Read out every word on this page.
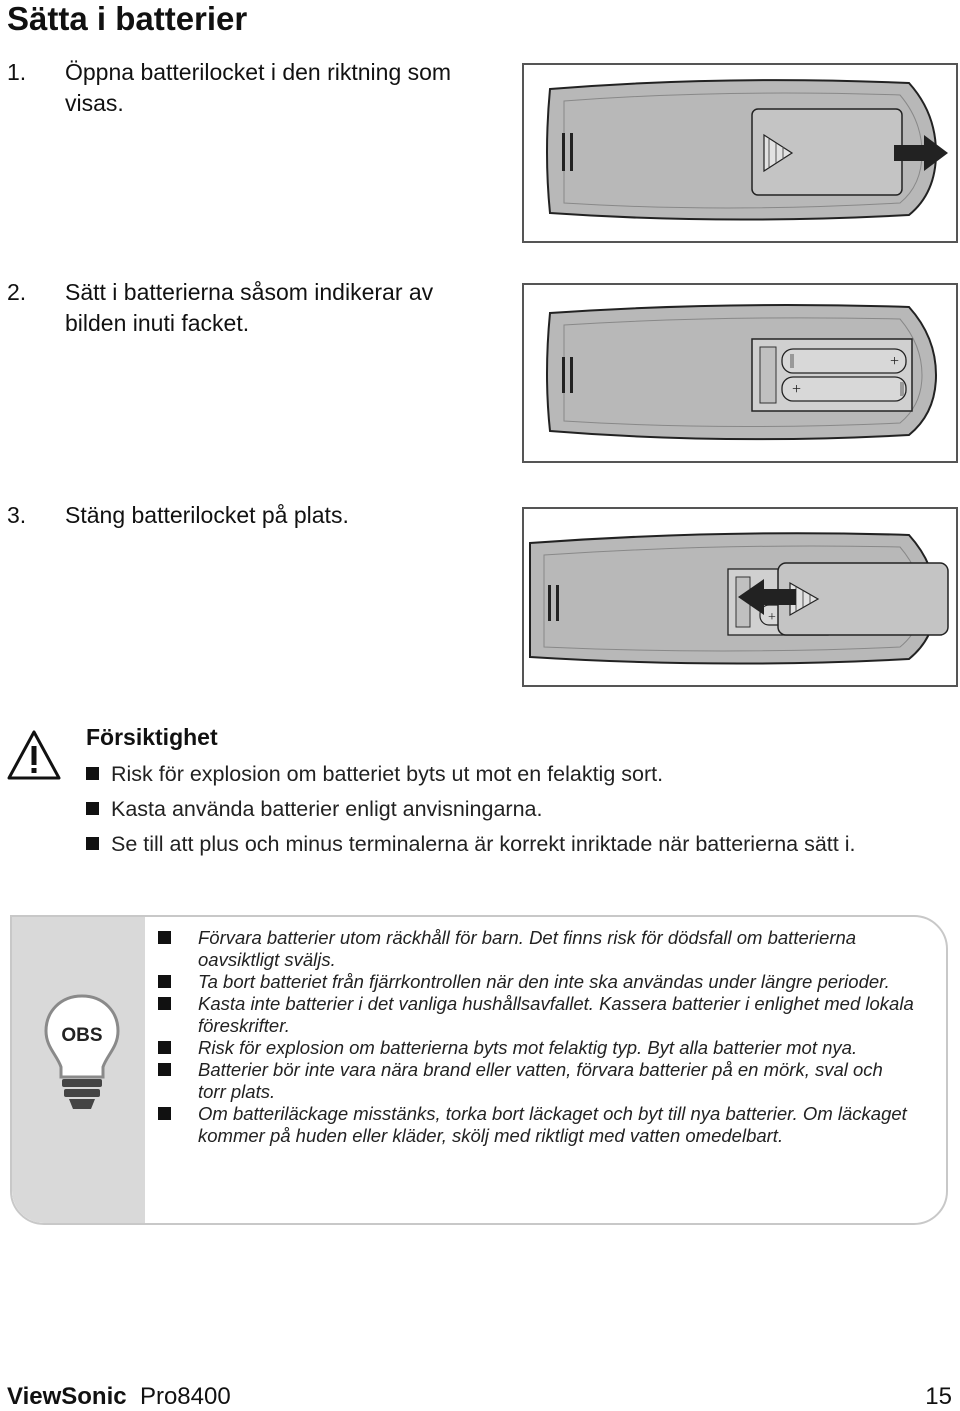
Sätta i batterier
1.	Öppna batterilocket i den riktning som visas.
2.	Sätt i batterierna såsom indikerar av bilden inuti facket.
3.	Stäng batterilocket på plats.
+
+
+
Försiktighet
Risk för explosion om batteriet byts ut mot en felaktig sort.
Kasta använda batterier enligt anvisningarna.
Se till att plus och minus terminalerna är korrekt inriktade när batterierna sätt i.
OBS
Förvara batterier utom räckhåll för barn. Det finns risk för dödsfall om batterierna oavsiktligt sväljs.
Ta bort batteriet från fjärrkontrollen när den inte ska användas under längre perioder.
Kasta inte batterier i det vanliga hushållsavfallet. Kassera batterier i enlighet med lokala föreskrifter.
Risk för explosion om batterierna byts mot felaktig typ. Byt alla batterier mot nya.
Batterier bör inte vara nära brand eller vatten, förvara batterier på en mörk, sval och torr plats.
Om batteriläckage misstänks, torka bort läckaget och byt till nya batterier. Om läckaget kommer på huden eller kläder, skölj med riktligt med vatten omedelbart.
ViewSonic Pro8400	15
